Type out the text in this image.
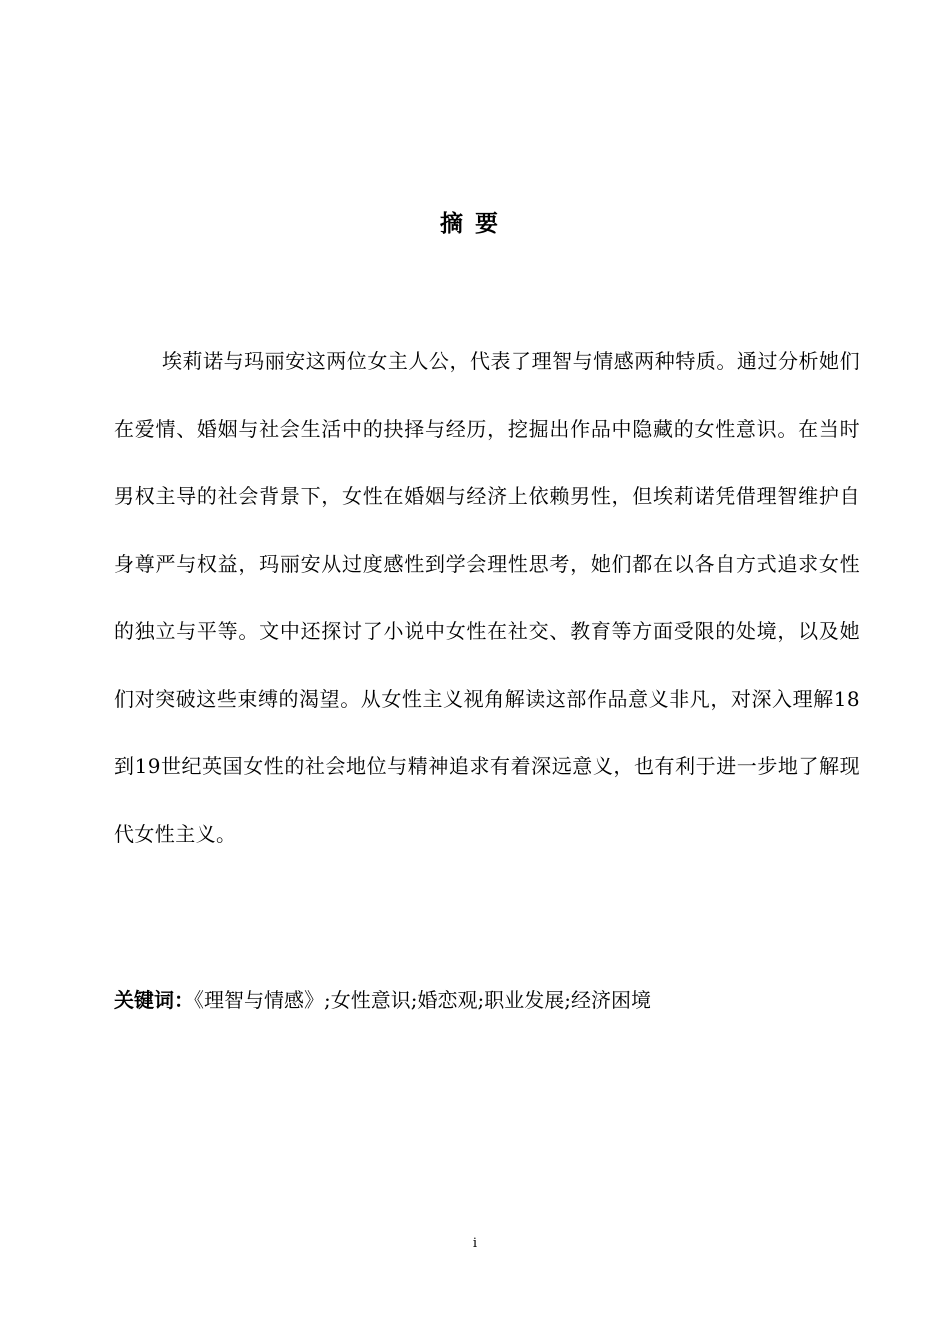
摘要

埃莉诺与玛丽安这两位女主人公，代表了理智与情感两种特质。通过分析她们在爱情、婚姻与社会生活中的抉择与经历，挖掘出作品中隐藏的女性意识。在当时男权主导的社会背景下，女性在婚姻与经济上依赖男性，但埃莉诺凭借理智维护自身尊严与权益，玛丽安从过度感性到学会理性思考，她们都在以各自方式追求女性的独立与平等。文中还探讨了小说中女性在社交、教育等方面受限的处境，以及她们对突破这些束缚的渴望。从女性主义视角解读这部作品意义非凡，对深入理解18到19世纪英国女性的社会地位与精神追求有着深远意义，也有利于进一步地了解现代女性主义。

关键词：《理智与情感》;女性意识;婚恋观;职业发展;经济困境
i
